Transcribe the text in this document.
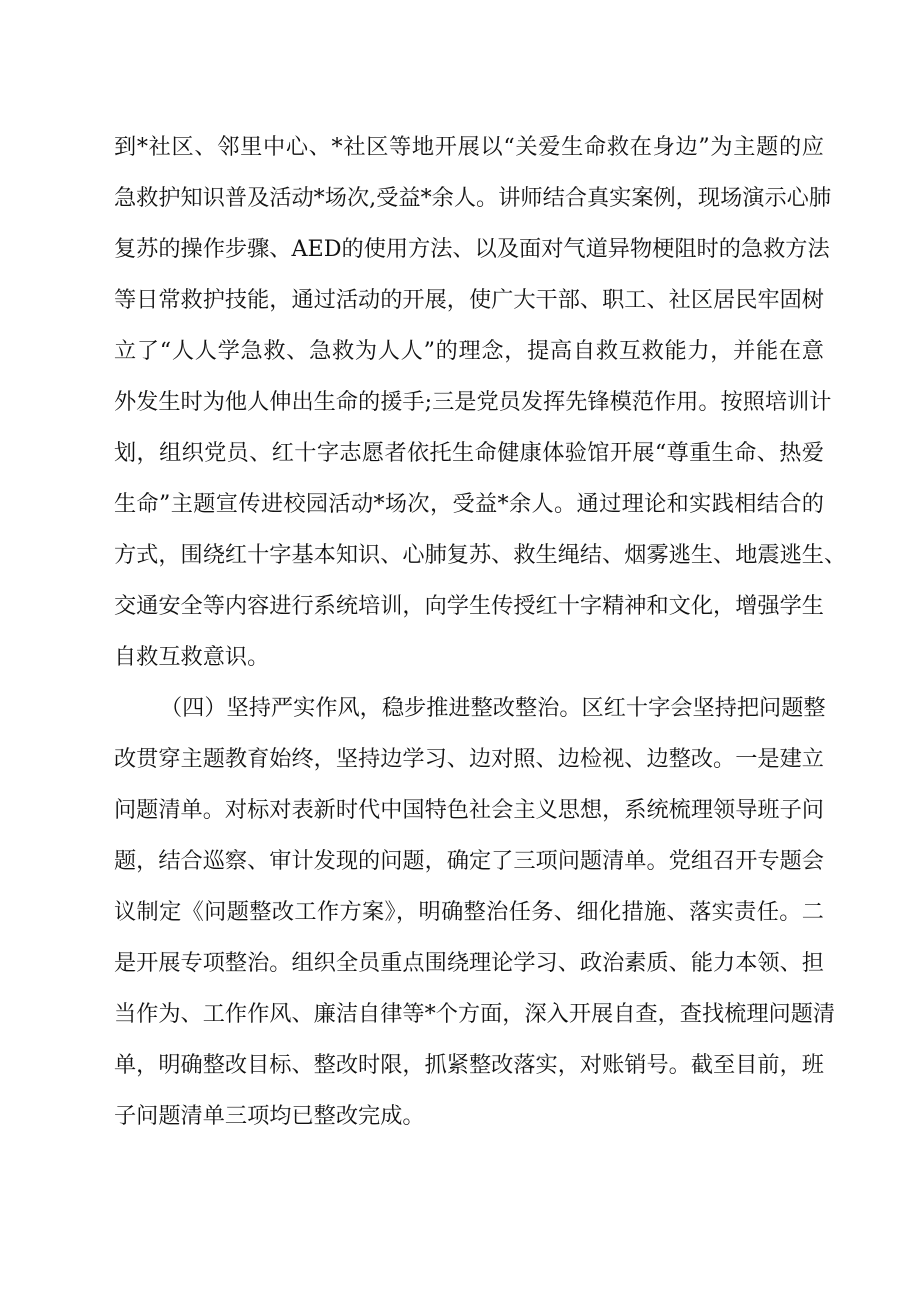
到*社区、邻里中心、*社区等地开展以“关爱生命救在身边”为主题的应
急救护知识普及活动*场次,受益*余人。讲师结合真实案例，现场演示心肺
复苏的操作步骤、AED的使用方法、以及面对气道异物梗阻时的急救方法
等日常救护技能，通过活动的开展，使广大干部、职工、社区居民牢固树
立了“人人学急救、急救为人人”的理念，提高自救互救能力，并能在意
外发生时为他人伸出生命的援手;三是党员发挥先锋模范作用。按照培训计
划，组织党员、红十字志愿者依托生命健康体验馆开展“尊重生命、热爱
生命”主题宣传进校园活动*场次，受益*余人。通过理论和实践相结合的
方式，围绕红十字基本知识、心肺复苏、救生绳结、烟雾逃生、地震逃生、
交通安全等内容进行系统培训，向学生传授红十字精神和文化，增强学生
自救互救意识。
（四）坚持严实作风，稳步推进整改整治。区红十字会坚持把问题整
改贯穿主题教育始终，坚持边学习、边对照、边检视、边整改。一是建立
问题清单。对标对表新时代中国特色社会主义思想，系统梳理领导班子问
题，结合巡察、审计发现的问题，确定了三项问题清单。党组召开专题会
议制定《问题整改工作方案》，明确整治任务、细化措施、落实责任。二
是开展专项整治。组织全员重点围绕理论学习、政治素质、能力本领、担
当作为、工作作风、廉洁自律等*个方面，深入开展自查，查找梳理问题清
单，明确整改目标、整改时限，抓紧整改落实，对账销号。截至目前，班
子问题清单三项均已整改完成。
